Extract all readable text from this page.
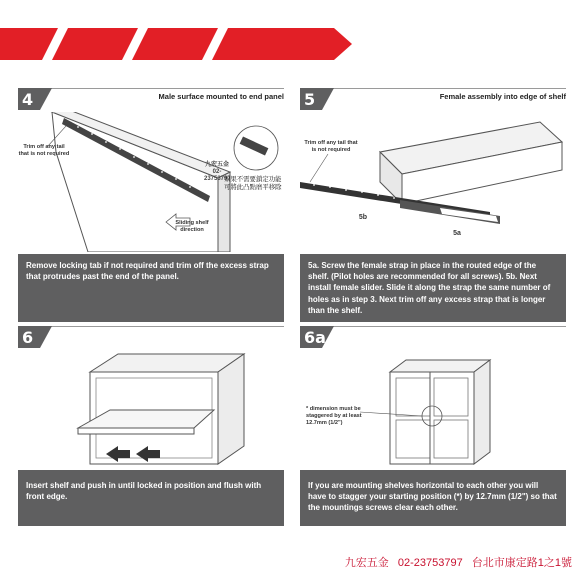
4	Male surface mounted to end panel
Trim off any tail that is not required
Sliding shelf direction
九宏五金
02-23753797
如果不需要鎖定功能
可將此凸點磨平移除
Remove locking tab if not required and trim off the excess strap that protrudes past the end of the panel.
5	Female assembly into edge of shelf
Trim off any tail that is not required
5b
5a
5a. Screw the female strap in place in the routed edge of the shelf. (Pilot holes are recommended for all screws). 5b. Next install female slider. Slide it along the strap the same number of holes as in step 3. Next trim off any excess strap that is longer than the shelf.
6
Insert shelf and push in until locked in position and flush with front edge.
6a
* dimension must be staggered by at least 12.7mm (1/2")
If you are mounting shelves horizontal to each other you will have to stagger your starting position (*) by 12.7mm (1/2") so that the mountings screws clear each other.
九宏五金 02-23753797 台北市康定路1之1號
